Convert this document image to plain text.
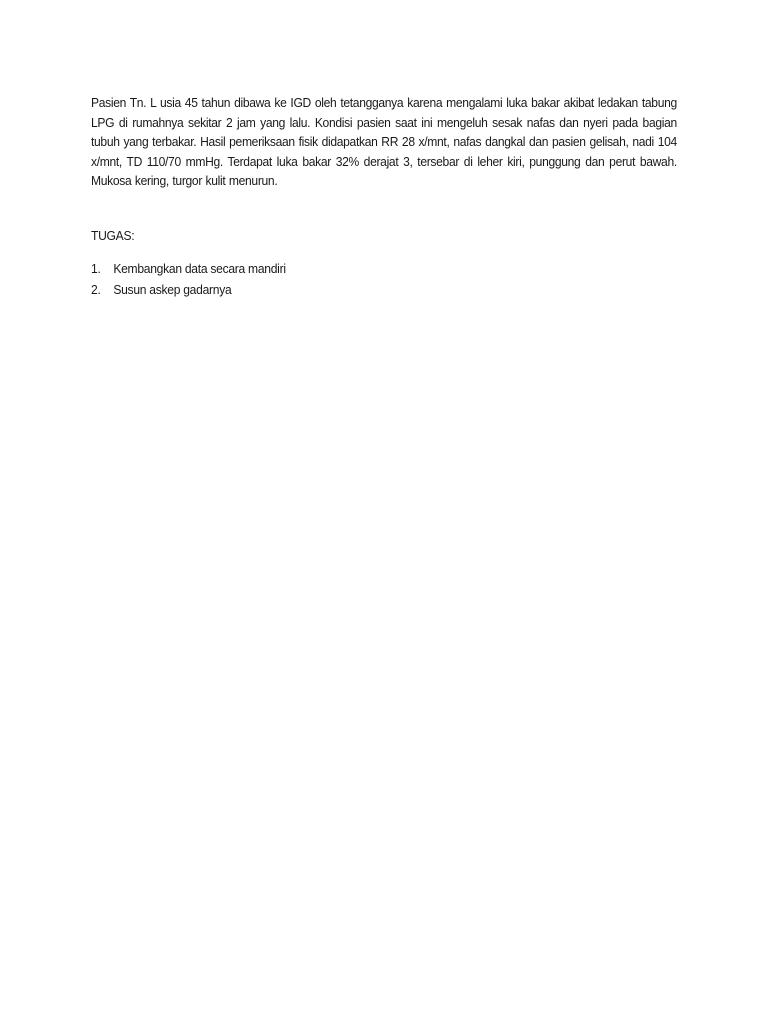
Pasien Tn. L usia 45 tahun dibawa ke IGD oleh tetangganya karena mengalami luka bakar akibat ledakan tabung LPG di rumahnya sekitar 2 jam yang lalu. Kondisi pasien saat ini mengeluh sesak nafas dan nyeri pada bagian tubuh yang terbakar. Hasil pemeriksaan fisik didapatkan RR 28 x/mnt, nafas dangkal dan pasien gelisah, nadi 104 x/mnt, TD 110/70 mmHg. Terdapat luka bakar 32% derajat 3, tersebar di leher kiri, punggung dan perut bawah. Mukosa kering, turgor kulit menurun.

TUGAS:
1. Kembangkan data secara mandiri
2. Susun askep gadarnya
